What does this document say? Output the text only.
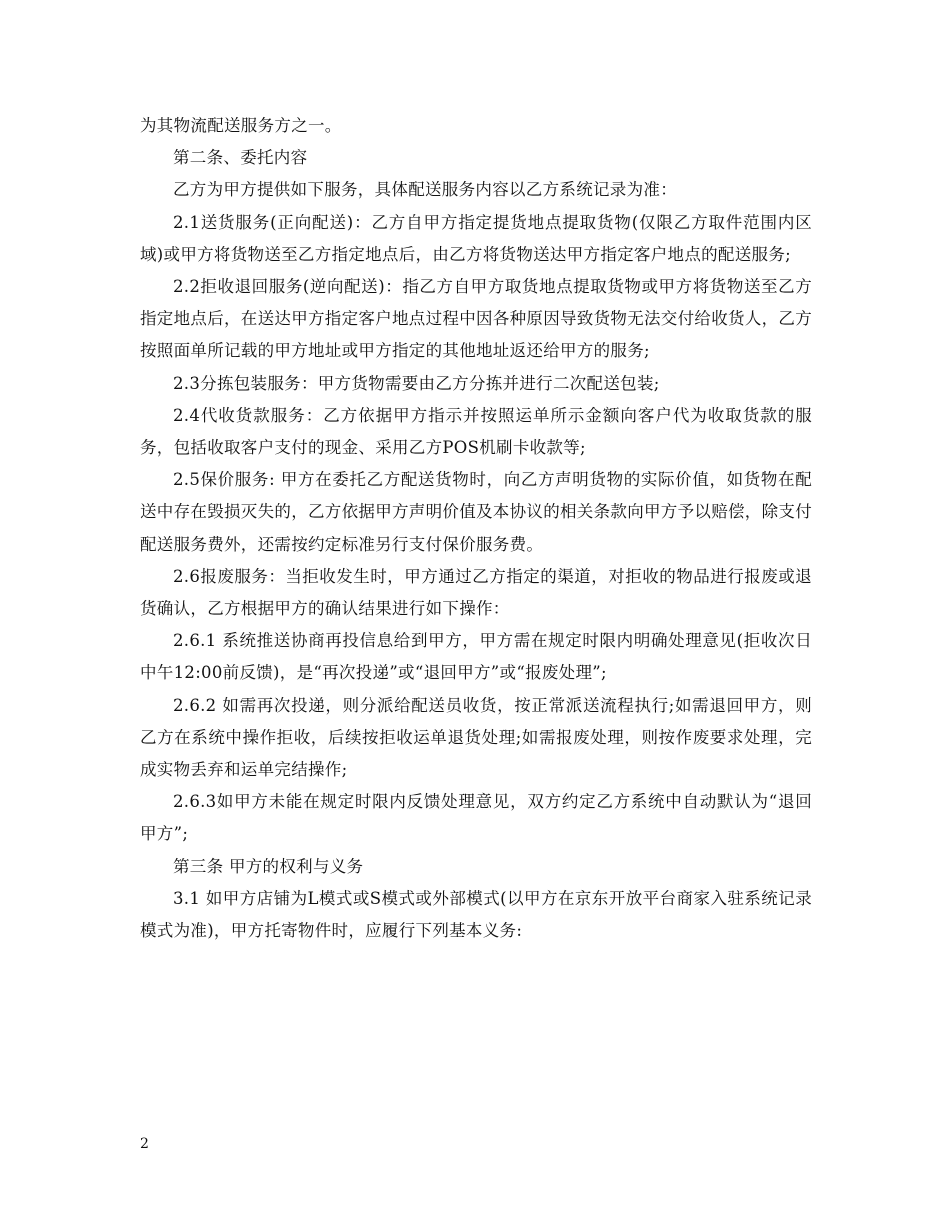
为其物流配送服务方之一。

第二条、委托内容

乙方为甲方提供如下服务，具体配送服务内容以乙方系统记录为准：

2.1送货服务(正向配送)：乙方自甲方指定提货地点提取货物(仅限乙方取件范围内区域)或甲方将货物送至乙方指定地点后，由乙方将货物送达甲方指定客户地点的配送服务;

2.2拒收退回服务(逆向配送)：指乙方自甲方取货地点提取货物或甲方将货物送至乙方指定地点后，在送达甲方指定客户地点过程中因各种原因导致货物无法交付给收货人，乙方按照面单所记载的甲方地址或甲方指定的其他地址返还给甲方的服务;

2.3分拣包装服务：甲方货物需要由乙方分拣并进行二次配送包装;

2.4代收货款服务：乙方依据甲方指示并按照运单所示金额向客户代为收取货款的服务，包括收取客户支付的现金、采用乙方POS机刷卡收款等;

2.5保价服务: 甲方在委托乙方配送货物时，向乙方声明货物的实际价值，如货物在配送中存在毁损灭失的，乙方依据甲方声明价值及本协议的相关条款向甲方予以赔偿，除支付配送服务费外，还需按约定标准另行支付保价服务费。

2.6报废服务：当拒收发生时，甲方通过乙方指定的渠道，对拒收的物品进行报废或退货确认，乙方根据甲方的确认结果进行如下操作：

2.6.1 系统推送协商再投信息给到甲方，甲方需在规定时限内明确处理意见(拒收次日中午12:00前反馈)，是“再次投递”或“退回甲方”或“报废处理”;

2.6.2 如需再次投递，则分派给配送员收货，按正常派送流程执行;如需退回甲方，则乙方在系统中操作拒收，后续按拒收运单退货处理;如需报废处理，则按作废要求处理，完成实物丢弃和运单完结操作;

2.6.3如甲方未能在规定时限内反馈处理意见，双方约定乙方系统中自动默认为“退回甲方”;

第三条 甲方的权利与义务

3.1 如甲方店铺为L模式或S模式或外部模式(以甲方在京东开放平台商家入驻系统记录模式为准)，甲方托寄物件时，应履行下列基本义务:

2
